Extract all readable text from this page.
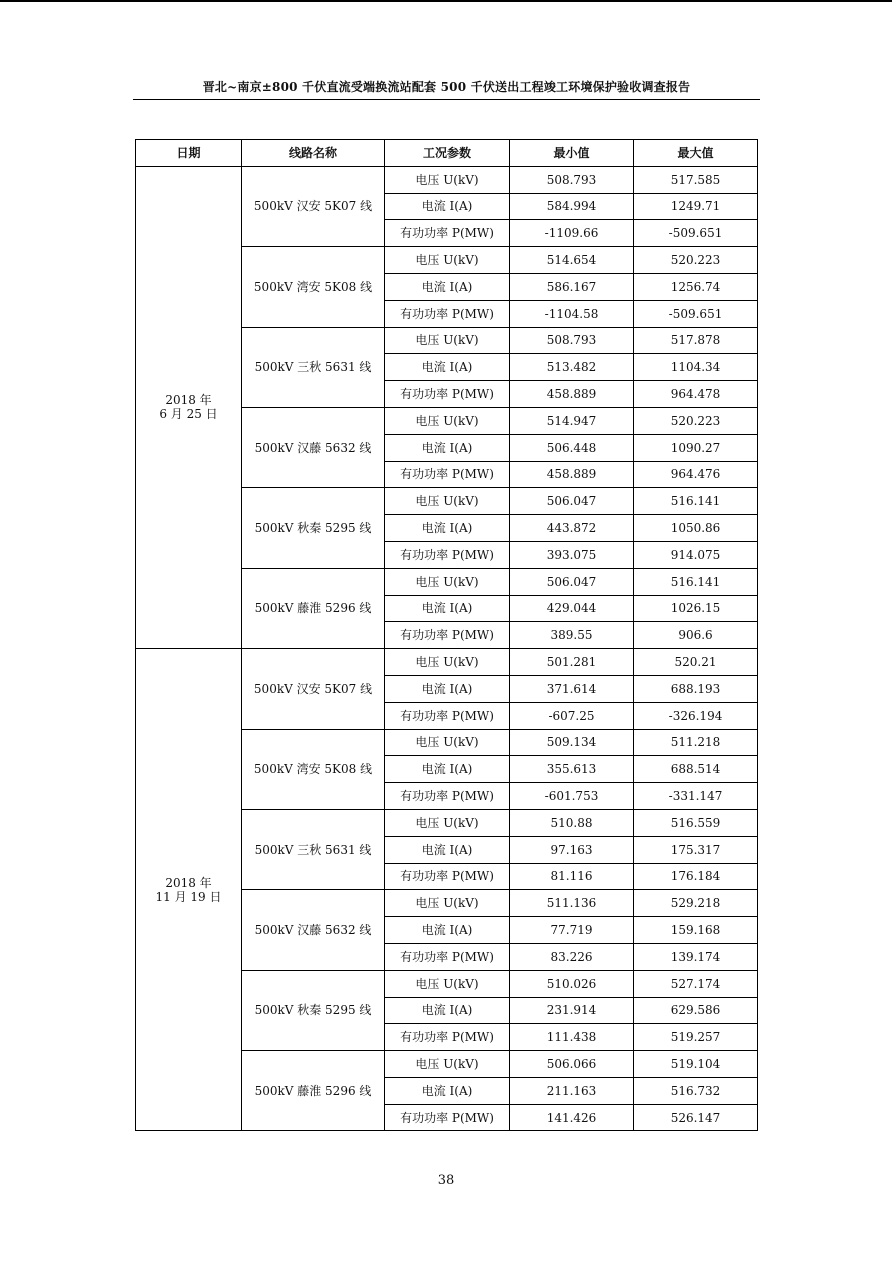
晋北~南京±800 千伏直流受端换流站配套 500 千伏送出工程竣工环境保护验收调查报告
日期	线路名称	工况参数	最小值	最大值

2018 年
6 月 25 日	500kV 汉安 5K07 线	电压 U(kV)	508.793	517.585
		电流 I(A)	584.994	1249.71
		有功功率 P(MW)	-1109.66	-509.651
	500kV 湾安 5K08 线	电压 U(kV)	514.654	520.223
		电流 I(A)	586.167	1256.74
		有功功率 P(MW)	-1104.58	-509.651
	500kV 三秋 5631 线	电压 U(kV)	508.793	517.878
		电流 I(A)	513.482	1104.34
		有功功率 P(MW)	458.889	964.478
	500kV 汉藤 5632 线	电压 U(kV)	514.947	520.223
		电流 I(A)	506.448	1090.27
		有功功率 P(MW)	458.889	964.476
	500kV 秋秦 5295 线	电压 U(kV)	506.047	516.141
		电流 I(A)	443.872	1050.86
		有功功率 P(MW)	393.075	914.075
	500kV 藤淮 5296 线	电压 U(kV)	506.047	516.141
		电流 I(A)	429.044	1026.15
		有功功率 P(MW)	389.55	906.6

2018 年
11 月 19 日	500kV 汉安 5K07 线	电压 U(kV)	501.281	520.21
		电流 I(A)	371.614	688.193
		有功功率 P(MW)	-607.25	-326.194
	500kV 湾安 5K08 线	电压 U(kV)	509.134	511.218
		电流 I(A)	355.613	688.514
		有功功率 P(MW)	-601.753	-331.147
	500kV 三秋 5631 线	电压 U(kV)	510.88	516.559
		电流 I(A)	97.163	175.317
		有功功率 P(MW)	81.116	176.184
	500kV 汉藤 5632 线	电压 U(kV)	511.136	529.218
		电流 I(A)	77.719	159.168
		有功功率 P(MW)	83.226	139.174
	500kV 秋秦 5295 线	电压 U(kV)	510.026	527.174
		电流 I(A)	231.914	629.586
		有功功率 P(MW)	111.438	519.257
	500kV 藤淮 5296 线	电压 U(kV)	506.066	519.104
		电流 I(A)	211.163	516.732
		有功功率 P(MW)	141.426	526.147
38
